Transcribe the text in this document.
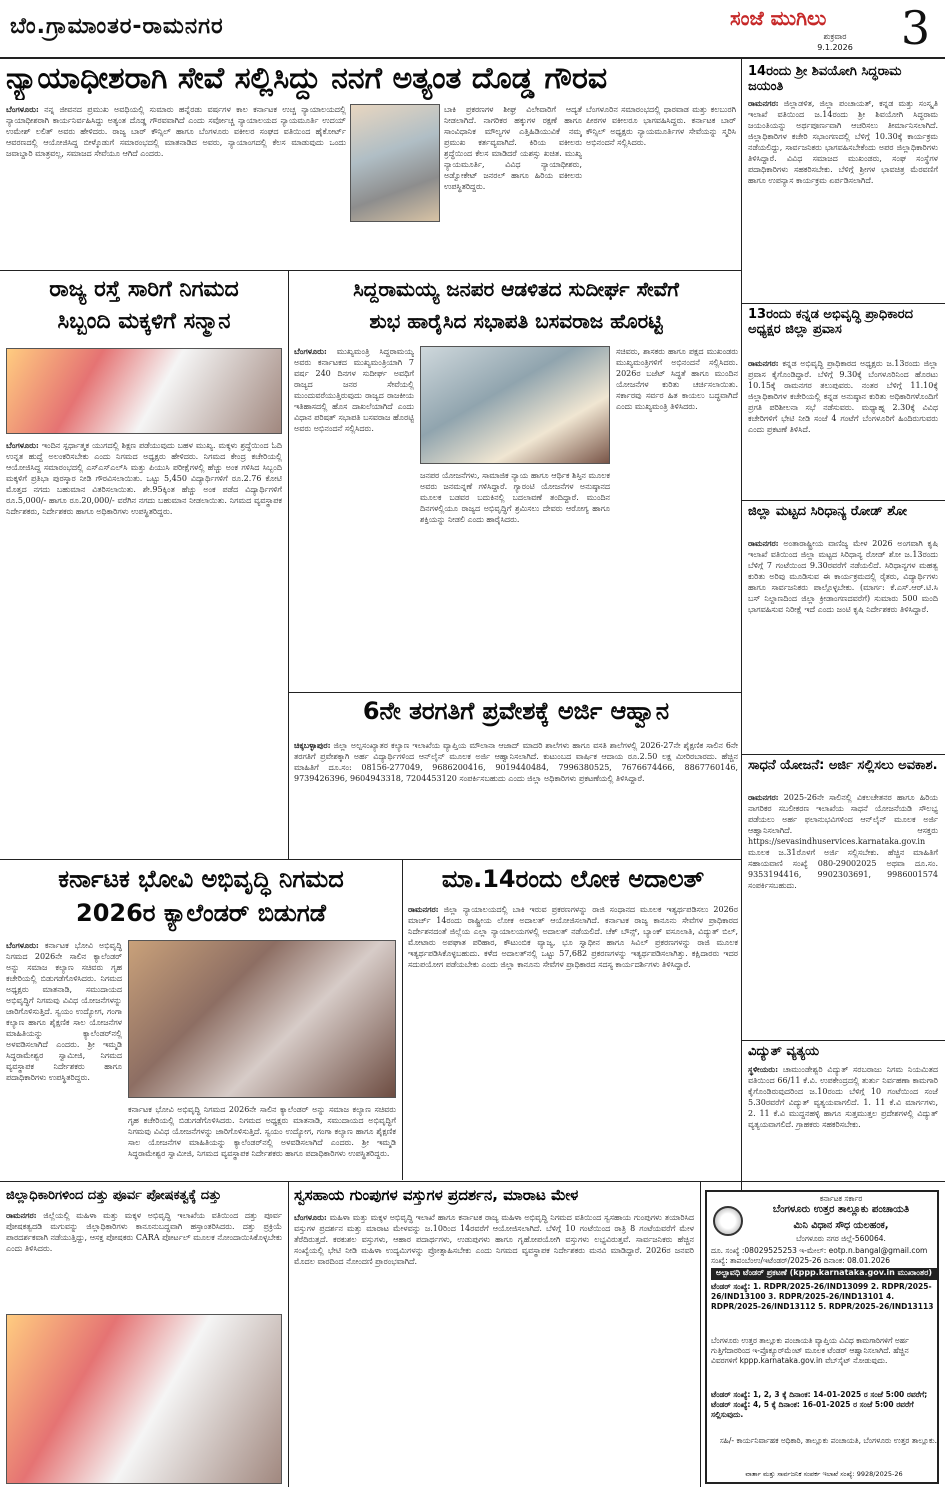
ಬೆಂ.ಗ್ರಾಮಾಂತರ-ರಾಮನಗರ	ಸಂಜೆ ಮುಗಿಲು
ಶುಕ್ರವಾರ
9.1.2026	3
ನ್ಯಾಯಾಧೀಶರಾಗಿ ಸೇವೆ ಸಲ್ಲಿಸಿದ್ದು ನನಗೆ ಅತ್ಯಂತ ದೊಡ್ಡ ಗೌರವ
ಬೆಂಗಳೂರು: ನನ್ನ ಜೀವನದ ಪ್ರಮುಖ ಅವಧಿಯಲ್ಲಿ ಸುಮಾರು ಹನ್ನೆರಡು ವರ್ಷಗಳ ಕಾಲ ಕರ್ನಾಟಕ ಉಚ್ಚ ನ್ಯಾಯಾಲಯದಲ್ಲಿ ನ್ಯಾಯಾಧೀಶರಾಗಿ ಕಾರ್ಯನಿರ್ವಹಿಸಿದ್ದು ಅತ್ಯಂತ ದೊಡ್ಡ ಗೌರವವಾಗಿದೆ ಎಂದು ಸರ್ವೋಚ್ಚ ನ್ಯಾಯಾಲಯದ ನ್ಯಾಯಮೂರ್ತಿ ಉದಯ್ ಉಮೇಶ್ ಲಲಿತ್ ಅವರು ಹೇಳಿದರು. ರಾಜ್ಯ ಬಾರ್ ಕೌನ್ಸಿಲ್ ಹಾಗೂ ಬೆಂಗಳೂರು ವಕೀಲರ ಸಂಘದ ವತಿಯಿಂದ ಹೈಕೋರ್ಟ್ ಆವರಣದಲ್ಲಿ ಆಯೋಜಿಸಿದ್ದ ಬೀಳ್ಕೊಡುಗೆ ಸಮಾರಂಭದಲ್ಲಿ ಮಾತನಾಡಿದ ಅವರು, ನ್ಯಾಯಾಂಗದಲ್ಲಿ ಕೆಲಸ ಮಾಡುವುದು ಒಂದು ಜವಾಬ್ದಾರಿ ಮಾತ್ರವಲ್ಲ, ಸಮಾಜದ ಸೇವೆಯೂ ಆಗಿದೆ ಎಂದರು.
ಬಾಕಿ ಪ್ರಕರಣಗಳ ಶೀಘ್ರ ವಿಲೇವಾರಿಗೆ ಆದ್ಯತೆ ನೀಡಲಾಗಿದೆ. ನಾಗರಿಕರ ಹಕ್ಕುಗಳ ರಕ್ಷಣೆ ಹಾಗೂ ಸಾಂವಿಧಾನಿಕ ಮೌಲ್ಯಗಳ ಎತ್ತಿಹಿಡಿಯುವಿಕೆ ನಮ್ಮ ಪ್ರಮುಖ ಕರ್ತವ್ಯವಾಗಿದೆ. ಕಿರಿಯ ವಕೀಲರು ಶ್ರದ್ಧೆಯಿಂದ ಕೆಲಸ ಮಾಡಿದರೆ ಯಶಸ್ಸು ಖಚಿತ. ಮುಖ್ಯ ನ್ಯಾಯಮೂರ್ತಿ, ವಿವಿಧ ನ್ಯಾಯಾಧೀಶರು, ಅಡ್ವೋಕೇಟ್ ಜನರಲ್ ಹಾಗೂ ಹಿರಿಯ ವಕೀಲರು ಉಪಸ್ಥಿತರಿದ್ದರು.
ಬೆಂಗಳೂರಿನ ಸಮಾರಂಭದಲ್ಲಿ ಧಾರವಾಡ ಮತ್ತು ಕಲಬುರಗಿ ಪೀಠಗಳ ವಕೀಲರೂ ಭಾಗವಹಿಸಿದ್ದರು. ಕರ್ನಾಟಕ ಬಾರ್ ಕೌನ್ಸಿಲ್ ಅಧ್ಯಕ್ಷರು ನ್ಯಾಯಮೂರ್ತಿಗಳ ಸೇವೆಯನ್ನು ಸ್ಮರಿಸಿ ಅಭಿನಂದನೆ ಸಲ್ಲಿಸಿದರು.
14ರಂದು ಶ್ರೀ ಶಿವಯೋಗಿ ಸಿದ್ಧರಾಮ ಜಯಂತಿ
ರಾಮನಗರ: ಜಿಲ್ಲಾಡಳಿತ, ಜಿಲ್ಲಾ ಪಂಚಾಯತ್, ಕನ್ನಡ ಮತ್ತು ಸಂಸ್ಕೃತಿ ಇಲಾಖೆ ವತಿಯಿಂದ ಜ.14ರಂದು ಶ್ರೀ ಶಿವಯೋಗಿ ಸಿದ್ಧರಾಮ ಜಯಂತಿಯನ್ನು ಅರ್ಥಪೂರ್ಣವಾಗಿ ಆಚರಿಸಲು ತೀರ್ಮಾನಿಸಲಾಗಿದೆ. ಜಿಲ್ಲಾಧಿಕಾರಿಗಳ ಕಚೇರಿ ಸಭಾಂಗಣದಲ್ಲಿ ಬೆಳಿಗ್ಗೆ 10.30ಕ್ಕೆ ಕಾರ್ಯಕ್ರಮ ನಡೆಯಲಿದ್ದು, ಸಾರ್ವಜನಿಕರು ಭಾಗವಹಿಸಬೇಕೆಂದು ಅಪರ ಜಿಲ್ಲಾಧಿಕಾರಿಗಳು ತಿಳಿಸಿದ್ದಾರೆ. ವಿವಿಧ ಸಮಾಜದ ಮುಖಂಡರು, ಸಂಘ ಸಂಸ್ಥೆಗಳ ಪದಾಧಿಕಾರಿಗಳು ಸಹಕರಿಸಬೇಕು. ಬೆಳಿಗ್ಗೆ ಶ್ರೀಗಳ ಭಾವಚಿತ್ರ ಮೆರವಣಿಗೆ ಹಾಗೂ ಉಪನ್ಯಾಸ ಕಾರ್ಯಕ್ರಮ ಏರ್ಪಡಿಸಲಾಗಿದೆ.
13ರಂದು ಕನ್ನಡ ಅಭಿವೃದ್ಧಿ ಪ್ರಾಧಿಕಾರದ ಅಧ್ಯಕ್ಷರ ಜಿಲ್ಲಾ ಪ್ರವಾಸ
ರಾಮನಗರ: ಕನ್ನಡ ಅಭಿವೃದ್ಧಿ ಪ್ರಾಧಿಕಾರದ ಅಧ್ಯಕ್ಷರು ಜ.13ರಂದು ಜಿಲ್ಲಾ ಪ್ರವಾಸ ಕೈಗೊಂಡಿದ್ದಾರೆ. ಬೆಳಿಗ್ಗೆ 9.30ಕ್ಕೆ ಬೆಂಗಳೂರಿನಿಂದ ಹೊರಟು 10.15ಕ್ಕೆ ರಾಮನಗರ ತಲುಪುವರು. ನಂತರ ಬೆಳಿಗ್ಗೆ 11.10ಕ್ಕೆ ಜಿಲ್ಲಾಧಿಕಾರಿಗಳ ಕಚೇರಿಯಲ್ಲಿ ಕನ್ನಡ ಅನುಷ್ಠಾನ ಕುರಿತು ಅಧಿಕಾರಿಗಳೊಂದಿಗೆ ಪ್ರಗತಿ ಪರಿಶೀಲನಾ ಸಭೆ ನಡೆಸುವರು. ಮಧ್ಯಾಹ್ನ 2.30ಕ್ಕೆ ವಿವಿಧ ಕಚೇರಿಗಳಿಗೆ ಭೇಟಿ ನೀಡಿ ಸಂಜೆ 4 ಗಂಟೆಗೆ ಬೆಂಗಳೂರಿಗೆ ಹಿಂದಿರುಗುವರು ಎಂದು ಪ್ರಕಟಣೆ ತಿಳಿಸಿದೆ.
ಜಿಲ್ಲಾ ಮಟ್ಟದ ಸಿರಿಧಾನ್ಯ ರೋಡ್ ಶೋ
ರಾಮನಗರ: ಅಂತಾರಾಷ್ಟ್ರೀಯ ವಾಣಿಜ್ಯ ಮೇಳ 2026 ಅಂಗವಾಗಿ ಕೃಷಿ ಇಲಾಖೆ ವತಿಯಿಂದ ಜಿಲ್ಲಾ ಮಟ್ಟದ ಸಿರಿಧಾನ್ಯ ರೋಡ್ ಶೋ ಜ.13ರಂದು ಬೆಳಿಗ್ಗೆ 7 ಗಂಟೆಯಿಂದ 9.30ರವರೆಗೆ ನಡೆಯಲಿದೆ. ಸಿರಿಧಾನ್ಯಗಳ ಮಹತ್ವ ಕುರಿತು ಅರಿವು ಮೂಡಿಸುವ ಈ ಕಾರ್ಯಕ್ರಮದಲ್ಲಿ ರೈತರು, ವಿದ್ಯಾರ್ಥಿಗಳು ಹಾಗೂ ಸಾರ್ವಜನಿಕರು ಪಾಲ್ಗೊಳ್ಳಬೇಕು. (ಮಾರ್ಗ: ಕೆ.ಎಸ್.ಆರ್.ಟಿ.ಸಿ ಬಸ್ ನಿಲ್ದಾಣದಿಂದ ಜಿಲ್ಲಾ ಕ್ರೀಡಾಂಗಣದವರೆಗೆ) ಸುಮಾರು 500 ಮಂದಿ ಭಾಗವಹಿಸುವ ನಿರೀಕ್ಷೆ ಇದೆ ಎಂದು ಜಂಟಿ ಕೃಷಿ ನಿರ್ದೇಶಕರು ತಿಳಿಸಿದ್ದಾರೆ.
ಸಾಧನೆ ಯೋಜನೆ: ಅರ್ಜಿ ಸಲ್ಲಿಸಲು ಅವಕಾಶ.
ರಾಮನಗರ: 2025-26ನೇ ಸಾಲಿನಲ್ಲಿ ವಿಕಲಚೇತನರ ಹಾಗೂ ಹಿರಿಯ ನಾಗರಿಕರ ಸಬಲೀಕರಣ ಇಲಾಖೆಯ ಸಾಧನೆ ಯೋಜನೆಯಡಿ ಸೌಲಭ್ಯ ಪಡೆಯಲು ಅರ್ಹ ಫಲಾನುಭವಿಗಳಿಂದ ಆನ್‌ಲೈನ್ ಮೂಲಕ ಅರ್ಜಿ ಆಹ್ವಾನಿಸಲಾಗಿದೆ. ಆಸಕ್ತರು https://sevasindhuservices.karnataka.gov.in ಮೂಲಕ ಜ.31ರೊಳಗೆ ಅರ್ಜಿ ಸಲ್ಲಿಸಬೇಕು. ಹೆಚ್ಚಿನ ಮಾಹಿತಿಗೆ ಸಹಾಯವಾಣಿ ಸಂಖ್ಯೆ 080-29002025 ಅಥವಾ ದೂ.ಸಂ. 9353194416, 9902303691, 9986001574 ಸಂಪರ್ಕಿಸಬಹುದು.
ವಿದ್ಯುತ್ ವ್ಯತ್ಯಯ
ಸ್ಥಳೀಯರು: ಚಾಮುಂಡೇಶ್ವರಿ ವಿದ್ಯುತ್ ಸರಬರಾಜು ನಿಗಮ ನಿಯಮಿತದ ವತಿಯಿಂದ 66/11 ಕೆ.ವಿ. ಉಪಕೇಂದ್ರದಲ್ಲಿ ತುರ್ತು ನಿರ್ವಹಣಾ ಕಾಮಗಾರಿ ಕೈಗೊಂಡಿರುವುದರಿಂದ ಜ.10ರಂದು ಬೆಳಿಗ್ಗೆ 10 ಗಂಟೆಯಿಂದ ಸಂಜೆ 5.30ರವರೆಗೆ ವಿದ್ಯುತ್ ವ್ಯತ್ಯಯವಾಗಲಿದೆ. 1. 11 ಕೆ.ವಿ ಮಾರ್ಗಗಳು, 2. 11 ಕೆ.ವಿ ಮುದ್ದನಹಳ್ಳಿ ಹಾಗೂ ಸುತ್ತಮುತ್ತಲ ಪ್ರದೇಶಗಳಲ್ಲಿ ವಿದ್ಯುತ್ ವ್ಯತ್ಯಯವಾಗಲಿದೆ. ಗ್ರಾಹಕರು ಸಹಕರಿಸಬೇಕು.
ರಾಜ್ಯ ರಸ್ತೆ ಸಾರಿಗೆ ನಿಗಮದ
ಸಿಬ್ಬಂದಿ ಮಕ್ಕಳಿಗೆ ಸನ್ಮಾನ
ಬೆಂಗಳೂರು: ಇಂದಿನ ಸ್ಪರ್ಧಾತ್ಮಕ ಯುಗದಲ್ಲಿ ಶಿಕ್ಷಣ ಪಡೆಯುವುದು ಬಹಳ ಮುಖ್ಯ. ಮಕ್ಕಳು ಶ್ರದ್ಧೆಯಿಂದ ಓದಿ ಉನ್ನತ ಹುದ್ದೆ ಅಲಂಕರಿಸಬೇಕು ಎಂದು ನಿಗಮದ ಅಧ್ಯಕ್ಷರು ಹೇಳಿದರು. ನಿಗಮದ ಕೇಂದ್ರ ಕಚೇರಿಯಲ್ಲಿ ಆಯೋಜಿಸಿದ್ದ ಸಮಾರಂಭದಲ್ಲಿ ಎಸ್ಎಸ್ಎಲ್‌ಸಿ ಮತ್ತು ಪಿಯುಸಿ ಪರೀಕ್ಷೆಗಳಲ್ಲಿ ಹೆಚ್ಚು ಅಂಕ ಗಳಿಸಿದ ಸಿಬ್ಬಂದಿ ಮಕ್ಕಳಿಗೆ ಪ್ರತಿಭಾ ಪುರಸ್ಕಾರ ನೀಡಿ ಗೌರವಿಸಲಾಯಿತು. ಒಟ್ಟು 5,450 ವಿದ್ಯಾರ್ಥಿಗಳಿಗೆ ರೂ.2.76 ಕೋಟಿ ಮೊತ್ತದ ನಗದು ಬಹುಮಾನ ವಿತರಿಸಲಾಯಿತು. ಶೇ.95ಕ್ಕಿಂತ ಹೆಚ್ಚು ಅಂಕ ಪಡೆದ ವಿದ್ಯಾರ್ಥಿಗಳಿಗೆ ರೂ.5,000/- ಹಾಗೂ ರೂ.20,000/- ವರೆಗಿನ ನಗದು ಬಹುಮಾನ ನೀಡಲಾಯಿತು. ನಿಗಮದ ವ್ಯವಸ್ಥಾಪಕ ನಿರ್ದೇಶಕರು, ನಿರ್ದೇಶಕರು ಹಾಗೂ ಅಧಿಕಾರಿಗಳು ಉಪಸ್ಥಿತರಿದ್ದರು.
ಸಿದ್ದರಾಮಯ್ಯ ಜನಪರ ಆಡಳಿತದ ಸುದೀರ್ಘ ಸೇವೆಗೆ
ಶುಭ ಹಾರೈಸಿದ ಸಭಾಪತಿ ಬಸವರಾಜ ಹೊರಟ್ಟಿ
ಬೆಂಗಳೂರು: ಮುಖ್ಯಮಂತ್ರಿ ಸಿದ್ದರಾಮಯ್ಯ ಅವರು ಕರ್ನಾಟಕದ ಮುಖ್ಯಮಂತ್ರಿಯಾಗಿ 7 ವರ್ಷ 240 ದಿನಗಳ ಸುದೀರ್ಘ ಅವಧಿಗೆ ರಾಜ್ಯದ ಜನರ ಸೇವೆಯಲ್ಲಿ ಮುಂದುವರೆಯುತ್ತಿರುವುದು ರಾಜ್ಯದ ರಾಜಕೀಯ ಇತಿಹಾಸದಲ್ಲಿ ಹೊಸ ದಾಖಲೆಯಾಗಿದೆ ಎಂದು ವಿಧಾನ ಪರಿಷತ್ ಸಭಾಪತಿ ಬಸವರಾಜ ಹೊರಟ್ಟಿ ಅವರು ಅಭಿನಂದನೆ ಸಲ್ಲಿಸಿದರು.
ಜನಪರ ಯೋಜನೆಗಳು, ಸಾಮಾಜಿಕ ನ್ಯಾಯ ಹಾಗೂ ಆರ್ಥಿಕ ಶಿಸ್ತಿನ ಮೂಲಕ ಅವರು ಜನಮನ್ನಣೆ ಗಳಿಸಿದ್ದಾರೆ. ಗ್ಯಾರಂಟಿ ಯೋಜನೆಗಳ ಅನುಷ್ಠಾನದ ಮೂಲಕ ಬಡವರ ಬದುಕಿನಲ್ಲಿ ಬದಲಾವಣೆ ತಂದಿದ್ದಾರೆ. ಮುಂದಿನ ದಿನಗಳಲ್ಲಿಯೂ ರಾಜ್ಯದ ಅಭಿವೃದ್ಧಿಗೆ ಶ್ರಮಿಸಲು ದೇವರು ಆರೋಗ್ಯ ಹಾಗೂ ಶಕ್ತಿಯನ್ನು ನೀಡಲಿ ಎಂದು ಹಾರೈಸಿದರು.
ಸಚಿವರು, ಶಾಸಕರು ಹಾಗೂ ಪಕ್ಷದ ಮುಖಂಡರು ಮುಖ್ಯಮಂತ್ರಿಗಳಿಗೆ ಅಭಿನಂದನೆ ಸಲ್ಲಿಸಿದರು. 2026ರ ಬಜೆಟ್ ಸಿದ್ಧತೆ ಹಾಗೂ ಮುಂದಿನ ಯೋಜನೆಗಳ ಕುರಿತು ಚರ್ಚಿಸಲಾಯಿತು. ಸರ್ಕಾರವು ಸರ್ವರ ಹಿತ ಕಾಯಲು ಬದ್ಧವಾಗಿದೆ ಎಂದು ಮುಖ್ಯಮಂತ್ರಿ ತಿಳಿಸಿದರು.
6ನೇ ತರಗತಿಗೆ ಪ್ರವೇಶಕ್ಕೆ ಅರ್ಜಿ ಆಹ್ವಾನ
ಚಿಕ್ಕಬಳ್ಳಾಪುರ: ಜಿಲ್ಲಾ ಅಲ್ಪಸಂಖ್ಯಾತರ ಕಲ್ಯಾಣ ಇಲಾಖೆಯ ವ್ಯಾಪ್ತಿಯ ಮೌಲಾನಾ ಆಜಾದ್ ಮಾದರಿ ಶಾಲೆಗಳು ಹಾಗೂ ವಸತಿ ಶಾಲೆಗಳಲ್ಲಿ 2026-27ನೇ ಶೈಕ್ಷಣಿಕ ಸಾಲಿನ 6ನೇ ತರಗತಿಗೆ ಪ್ರವೇಶಕ್ಕಾಗಿ ಅರ್ಹ ವಿದ್ಯಾರ್ಥಿಗಳಿಂದ ಆನ್‌ಲೈನ್ ಮೂಲಕ ಅರ್ಜಿ ಆಹ್ವಾನಿಸಲಾಗಿದೆ. ಕುಟುಂಬದ ವಾರ್ಷಿಕ ಆದಾಯ ರೂ.2.50 ಲಕ್ಷ ಮೀರಿರಬಾರದು. ಹೆಚ್ಚಿನ ಮಾಹಿತಿಗೆ ದೂ.ಸಂ: 08156-277049, 9686200416, 9019440484, 7996380525, 7676674466, 8867760146, 9739426396, 9604943318, 7204453120 ಸಂಪರ್ಕಿಸಬಹುದು ಎಂದು ಜಿಲ್ಲಾ ಅಧಿಕಾರಿಗಳು ಪ್ರಕಟಣೆಯಲ್ಲಿ ತಿಳಿಸಿದ್ದಾರೆ.
ಕರ್ನಾಟಕ ಭೋವಿ ಅಭಿವೃದ್ಧಿ ನಿಗಮದ
2026ರ ಕ್ಯಾಲೆಂಡರ್ ಬಿಡುಗಡೆ
ಬೆಂಗಳೂರು: ಕರ್ನಾಟಕ ಭೋವಿ ಅಭಿವೃದ್ಧಿ ನಿಗಮದ 2026ನೇ ಸಾಲಿನ ಕ್ಯಾಲೆಂಡರ್ ಅನ್ನು ಸಮಾಜ ಕಲ್ಯಾಣ ಸಚಿವರು ಗೃಹ ಕಚೇರಿಯಲ್ಲಿ ಬಿಡುಗಡೆಗೊಳಿಸಿದರು. ನಿಗಮದ ಅಧ್ಯಕ್ಷರು ಮಾತನಾಡಿ, ಸಮುದಾಯದ ಅಭಿವೃದ್ಧಿಗೆ ನಿಗಮವು ವಿವಿಧ ಯೋಜನೆಗಳನ್ನು ಜಾರಿಗೊಳಿಸುತ್ತಿದೆ. ಸ್ವಯಂ ಉದ್ಯೋಗ, ಗಂಗಾ ಕಲ್ಯಾಣ ಹಾಗೂ ಶೈಕ್ಷಣಿಕ ಸಾಲ ಯೋಜನೆಗಳ ಮಾಹಿತಿಯನ್ನು ಕ್ಯಾಲೆಂಡರ್‌ನಲ್ಲಿ ಅಳವಡಿಸಲಾಗಿದೆ ಎಂದರು. ಶ್ರೀ ಇಮ್ಮಡಿ ಸಿದ್ಧರಾಮೇಶ್ವರ ಸ್ವಾಮೀಜಿ, ನಿಗಮದ ವ್ಯವಸ್ಥಾಪಕ ನಿರ್ದೇಶಕರು ಹಾಗೂ ಪದಾಧಿಕಾರಿಗಳು ಉಪಸ್ಥಿತರಿದ್ದರು.
ಕರ್ನಾಟಕ ಭೋವಿ ಅಭಿವೃದ್ಧಿ ನಿಗಮದ 2026ನೇ ಸಾಲಿನ ಕ್ಯಾಲೆಂಡರ್ ಅನ್ನು ಸಮಾಜ ಕಲ್ಯಾಣ ಸಚಿವರು ಗೃಹ ಕಚೇರಿಯಲ್ಲಿ ಬಿಡುಗಡೆಗೊಳಿಸಿದರು. ನಿಗಮದ ಅಧ್ಯಕ್ಷರು ಮಾತನಾಡಿ, ಸಮುದಾಯದ ಅಭಿವೃದ್ಧಿಗೆ ನಿಗಮವು ವಿವಿಧ ಯೋಜನೆಗಳನ್ನು ಜಾರಿಗೊಳಿಸುತ್ತಿದೆ. ಸ್ವಯಂ ಉದ್ಯೋಗ, ಗಂಗಾ ಕಲ್ಯಾಣ ಹಾಗೂ ಶೈಕ್ಷಣಿಕ ಸಾಲ ಯೋಜನೆಗಳ ಮಾಹಿತಿಯನ್ನು ಕ್ಯಾಲೆಂಡರ್‌ನಲ್ಲಿ ಅಳವಡಿಸಲಾಗಿದೆ ಎಂದರು. ಶ್ರೀ ಇಮ್ಮಡಿ ಸಿದ್ಧರಾಮೇಶ್ವರ ಸ್ವಾಮೀಜಿ, ನಿಗಮದ ವ್ಯವಸ್ಥಾಪಕ ನಿರ್ದೇಶಕರು ಹಾಗೂ ಪದಾಧಿಕಾರಿಗಳು ಉಪಸ್ಥಿತರಿದ್ದರು.
ಮಾ.14ರಂದು ಲೋಕ ಅದಾಲತ್
ರಾಮನಗರ: ಜಿಲ್ಲಾ ನ್ಯಾಯಾಲಯದಲ್ಲಿ ಬಾಕಿ ಇರುವ ಪ್ರಕರಣಗಳನ್ನು ರಾಜಿ ಸಂಧಾನದ ಮೂಲಕ ಇತ್ಯರ್ಥಪಡಿಸಲು 2026ರ ಮಾರ್ಚ್ 14ರಂದು ರಾಷ್ಟ್ರೀಯ ಲೋಕ ಅದಾಲತ್ ಆಯೋಜಿಸಲಾಗಿದೆ. ಕರ್ನಾಟಕ ರಾಜ್ಯ ಕಾನೂನು ಸೇವೆಗಳ ಪ್ರಾಧಿಕಾರದ ನಿರ್ದೇಶನದಂತೆ ಜಿಲ್ಲೆಯ ಎಲ್ಲಾ ನ್ಯಾಯಾಲಯಗಳಲ್ಲಿ ಅದಾಲತ್ ನಡೆಯಲಿದೆ. ಚೆಕ್ ಬೌನ್ಸ್, ಬ್ಯಾಂಕ್ ವಸೂಲಾತಿ, ವಿದ್ಯುತ್ ಬಿಲ್, ಮೋಟಾರು ಅಪಘಾತ ಪರಿಹಾರ, ಕೌಟುಂಬಿಕ ವ್ಯಾಜ್ಯ, ಭೂ ಸ್ವಾಧೀನ ಹಾಗೂ ಸಿವಿಲ್ ಪ್ರಕರಣಗಳನ್ನು ರಾಜಿ ಮೂಲಕ ಇತ್ಯರ್ಥಪಡಿಸಿಕೊಳ್ಳಬಹುದು. ಕಳೆದ ಅದಾಲತ್‌ನಲ್ಲಿ ಒಟ್ಟು 57,682 ಪ್ರಕರಣಗಳನ್ನು ಇತ್ಯರ್ಥಪಡಿಸಲಾಗಿತ್ತು. ಕಕ್ಷಿದಾರರು ಇದರ ಸದುಪಯೋಗ ಪಡೆಯಬೇಕು ಎಂದು ಜಿಲ್ಲಾ ಕಾನೂನು ಸೇವೆಗಳ ಪ್ರಾಧಿಕಾರದ ಸದಸ್ಯ ಕಾರ್ಯದರ್ಶಿಗಳು ತಿಳಿಸಿದ್ದಾರೆ.
ಜಿಲ್ಲಾಧಿಕಾರಿಗಳಿಂದ ದತ್ತು ಪೂರ್ವ ಪೋಷಕತ್ವಕ್ಕೆ ದತ್ತು
ರಾಮನಗರ: ಜಿಲ್ಲೆಯಲ್ಲಿ ಮಹಿಳಾ ಮತ್ತು ಮಕ್ಕಳ ಅಭಿವೃದ್ಧಿ ಇಲಾಖೆಯ ವತಿಯಿಂದ ದತ್ತು ಪೂರ್ವ ಪೋಷಕತ್ವದಡಿ ಮಗುವನ್ನು ಜಿಲ್ಲಾಧಿಕಾರಿಗಳು ಕಾನೂನುಬದ್ಧವಾಗಿ ಹಸ್ತಾಂತರಿಸಿದರು. ದತ್ತು ಪ್ರಕ್ರಿಯೆ ಪಾರದರ್ಶಕವಾಗಿ ನಡೆಯುತ್ತಿದ್ದು, ಆಸಕ್ತ ಪೋಷಕರು CARA ಪೋರ್ಟಲ್ ಮೂಲಕ ನೋಂದಾಯಿಸಿಕೊಳ್ಳಬೇಕು ಎಂದು ತಿಳಿಸಿದರು.
ಸ್ವಸಹಾಯ ಗುಂಪುಗಳ ವಸ್ತುಗಳ ಪ್ರದರ್ಶನ, ಮಾರಾಟ ಮೇಳ
ಬೆಂಗಳೂರು: ಮಹಿಳಾ ಮತ್ತು ಮಕ್ಕಳ ಅಭಿವೃದ್ಧಿ ಇಲಾಖೆ ಹಾಗೂ ಕರ್ನಾಟಕ ರಾಜ್ಯ ಮಹಿಳಾ ಅಭಿವೃದ್ಧಿ ನಿಗಮದ ವತಿಯಿಂದ ಸ್ವಸಹಾಯ ಗುಂಪುಗಳು ತಯಾರಿಸಿದ ವಸ್ತುಗಳ ಪ್ರದರ್ಶನ ಮತ್ತು ಮಾರಾಟ ಮೇಳವನ್ನು ಜ.10ರಿಂದ 14ರವರೆಗೆ ಆಯೋಜಿಸಲಾಗಿದೆ. ಬೆಳಿಗ್ಗೆ 10 ಗಂಟೆಯಿಂದ ರಾತ್ರಿ 8 ಗಂಟೆಯವರೆಗೆ ಮೇಳ ತೆರೆದಿರುತ್ತದೆ. ಕರಕುಶಲ ವಸ್ತುಗಳು, ಆಹಾರ ಪದಾರ್ಥಗಳು, ಉಡುಪುಗಳು ಹಾಗೂ ಗೃಹೋಪಯೋಗಿ ವಸ್ತುಗಳು ಲಭ್ಯವಿರುತ್ತವೆ. ಸಾರ್ವಜನಿಕರು ಹೆಚ್ಚಿನ ಸಂಖ್ಯೆಯಲ್ಲಿ ಭೇಟಿ ನೀಡಿ ಮಹಿಳಾ ಉದ್ಯಮಿಗಳನ್ನು ಪ್ರೋತ್ಸಾಹಿಸಬೇಕು ಎಂದು ನಿಗಮದ ವ್ಯವಸ್ಥಾಪಕ ನಿರ್ದೇಶಕರು ಮನವಿ ಮಾಡಿದ್ದಾರೆ. 2026ರ ಜನವರಿ ಮೊದಲ ವಾರದಿಂದ ನೋಂದಣಿ ಪ್ರಾರಂಭವಾಗಿದೆ.
ಕರ್ನಾಟಕ ಸರ್ಕಾರ
ಬೆಂಗಳೂರು ಉತ್ತರ ತಾಲ್ಲೂಕು ಪಂಚಾಯತಿ
ಮಿನಿ ವಿಧಾನ ಸೌಧ ಯಲಹಂಕ,
ಬೆಂಗಳೂರು ನಗರ ಜಿಲ್ಲೆ-560064.
ದೂ. ಸಂಖ್ಯೆ :08029525253 ಇ-ಮೇಲ್: eotp.n.bangal@gmail.com
ಸಂಖ್ಯೆ: ತಾಪಂಬೆಂಉ/ಇಟೆಂಡರ್/2025-26 ದಿನಾಂಕ: 08.01.2026
ಅಲ್ಪಾವಧಿ ಟೆಂಡರ್ ಪ್ರಕಟಣೆ (kppp.karnataka.gov.in ಮುಖಾಂತರ)
ಟೆಂಡರ್ ಸಂಖ್ಯೆ: 1. RDPR/2025-26/IND13099 2. RDPR/2025-26/IND13100 3. RDPR/2025-26/IND13101 4. RDPR/2025-26/IND13112 5. RDPR/2025-26/IND13113
ಬೆಂಗಳೂರು ಉತ್ತರ ತಾಲ್ಲೂಕು ಪಂಚಾಯತಿ ವ್ಯಾಪ್ತಿಯ ವಿವಿಧ ಕಾಮಗಾರಿಗಳಿಗೆ ಅರ್ಹ ಗುತ್ತಿಗೆದಾರರಿಂದ ಇ-ಪ್ರೊಕ್ಯೂರ್‌ಮೆಂಟ್ ಮೂಲಕ ಟೆಂಡರ್ ಆಹ್ವಾನಿಸಲಾಗಿದೆ. ಹೆಚ್ಚಿನ ವಿವರಗಳಿಗೆ kppp.karnataka.gov.in ವೆಬ್‌ಸೈಟ್ ನೋಡುವುದು.
ಟೆಂಡರ್ ಸಂಖ್ಯೆ: 1, 2, 3 ಕ್ಕೆ ದಿನಾಂಕ: 14-01-2025 ರ ಸಂಜೆ 5:00 ರವರೆಗೆ; ಟೆಂಡರ್ ಸಂಖ್ಯೆ: 4, 5 ಕ್ಕೆ ದಿನಾಂಕ: 16-01-2025 ರ ಸಂಜೆ 5:00 ರವರೆಗೆ ಸಲ್ಲಿಸುವುದು.
ಸಹಿ/- ಕಾರ್ಯನಿರ್ವಾಹಕ ಅಧಿಕಾರಿ, ತಾಲ್ಲೂಕು ಪಂಚಾಯತಿ, ಬೆಂಗಳೂರು ಉತ್ತರ ತಾಲ್ಲೂಕು.
ವಾರ್ತಾ ಮತ್ತು ಸಾರ್ವಜನಿಕ ಸಂಪರ್ಕ ಇಲಾಖೆ ಸಂಖ್ಯೆ: 9928/2025-26
